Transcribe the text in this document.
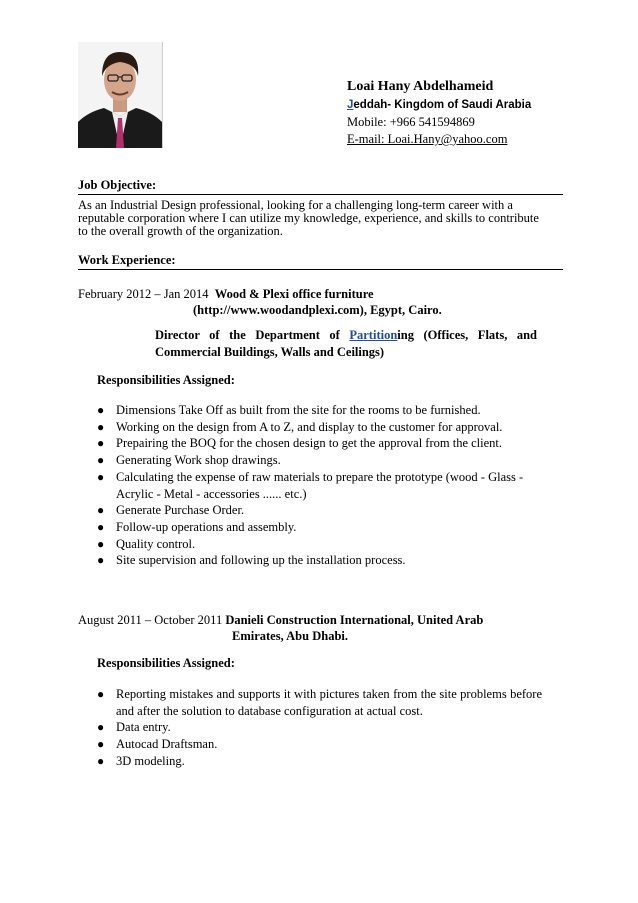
Loai Hany Abdelhameid
Jeddah- Kingdom of Saudi Arabia
Mobile: +966 541594869
E-mail: Loai.Hany@yahoo.com
Job Objective:
As an Industrial Design professional, looking for a challenging long-term career with a reputable corporation where I can utilize my knowledge, experience, and skills to contribute to the overall growth of the organization.
Work Experience:
February 2012 – Jan 2014 Wood & Plexi office furniture
(http://www.woodandplexi.com), Egypt, Cairo.
Director of the Department of Partitioning (Offices, Flats, and Commercial Buildings, Walls and Ceilings)
Responsibilities Assigned:
● Dimensions Take Off as built from the site for the rooms to be furnished.
● Working on the design from A to Z, and display to the customer for approval.
● Prepairing the BOQ for the chosen design to get the approval from the client.
● Generating Work shop drawings.
● Calculating the expense of raw materials to prepare the prototype (wood - Glass - Acrylic - Metal - accessories ...... etc.)
● Generate Purchase Order.
● Follow-up operations and assembly.
● Quality control.
● Site supervision and following up the installation process.
August 2011 – October 2011 Danieli Construction International, United Arab
Emirates, Abu Dhabi.
Responsibilities Assigned:
● Reporting mistakes and supports it with pictures taken from the site problems before and after the solution to database configuration at actual cost.
● Data entry.
● Autocad Draftsman.
● 3D modeling.
